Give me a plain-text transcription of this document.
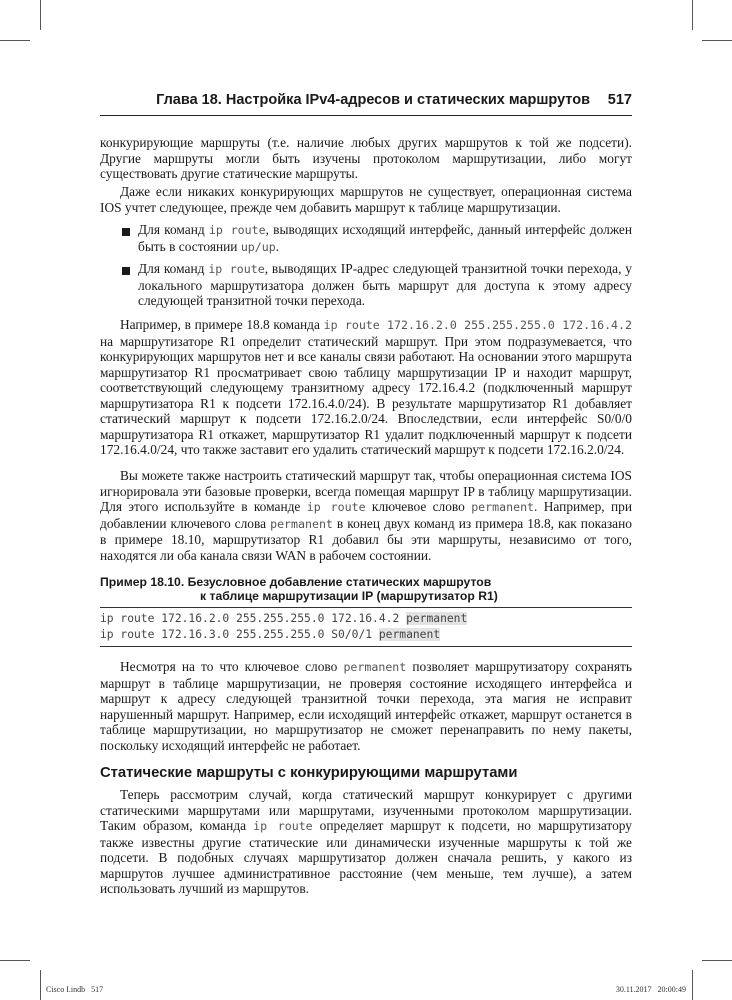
Глава 18. Настройка IPv4-адресов и статических маршрутов 517

конкурирующие маршруты (т.е. наличие любых других маршрутов к той же подсети). Другие маршруты могли быть изучены протоколом маршрутизации, либо могут существовать другие статические маршруты.

Даже если никаких конкурирующих маршрутов не существует, операционная система IOS учтет следующее, прежде чем добавить маршрут к таблице маршрутизации.

Для команд ip route, выводящих исходящий интерфейс, данный интерфейс должен быть в состоянии up/up.

Для команд ip route, выводящих IP-адрес следующей транзитной точки перехода, у локального маршрутизатора должен быть маршрут для доступа к этому адресу следующей транзитной точки перехода.

Например, в примере 18.8 команда ip route 172.16.2.0 255.255.255.0 172.16.4.2 на маршрутизаторе R1 определит статический маршрут. При этом подразумевается, что конкурирующих маршрутов нет и все каналы связи работают. На основании этого маршрута маршрутизатор R1 просматривает свою таблицу маршрутизации IP и находит маршрут, соответствующий следующему транзитному адресу 172.16.4.2 (подключенный маршрут маршрутизатора R1 к подсети 172.16.4.0/24). В результате маршрутизатор R1 добавляет статический маршрут к подсети 172.16.2.0/24. Впоследствии, если интерфейс S0/0/0 маршрутизатора R1 откажет, маршрутизатор R1 удалит подключенный маршрут к подсети 172.16.4.0/24, что также заставит его удалить статический маршрут к подсети 172.16.2.0/24.

Вы можете также настроить статический маршрут так, чтобы операционная система IOS игнорировала эти базовые проверки, всегда помещая маршрут IP в таблицу маршрутизации. Для этого используйте в команде ip route ключевое слово permanent. Например, при добавлении ключевого слова permanent в конец двух команд из примера 18.8, как показано в примере 18.10, маршрутизатор R1 добавил бы эти маршруты, независимо от того, находятся ли оба канала связи WAN в рабочем состоянии.

Пример 18.10. Безусловное добавление статических маршрутов
к таблице маршрутизации IP (маршрутизатор R1)
ip route 172.16.2.0 255.255.255.0 172.16.4.2 permanent
ip route 172.16.3.0 255.255.255.0 S0/0/1 permanent

Несмотря на то что ключевое слово permanent позволяет маршрутизатору сохранять маршрут в таблице маршрутизации, не проверяя состояние исходящего интерфейса и маршрут к адресу следующей транзитной точки перехода, эта магия не исправит нарушенный маршрут. Например, если исходящий интерфейс откажет, маршрут останется в таблице маршрутизации, но маршрутизатор не сможет перенаправить по нему пакеты, поскольку исходящий интерфейс не работает.

Статические маршруты с конкурирующими маршрутами

Теперь рассмотрим случай, когда статический маршрут конкурирует с другими статическими маршрутами или маршрутами, изученными протоколом маршрутизации. Таким образом, команда ip route определяет маршрут к подсети, но маршрутизатору также известны другие статические или динамически изученные маршруты к той же подсети. В подобных случаях маршрутизатор должен сначала решить, у какого из маршрутов лучшее административное расстояние (чем меньше, тем лучше), а затем использовать лучший из маршрутов.

Cisco I.indb   517	30.11.2017   20:00:49
